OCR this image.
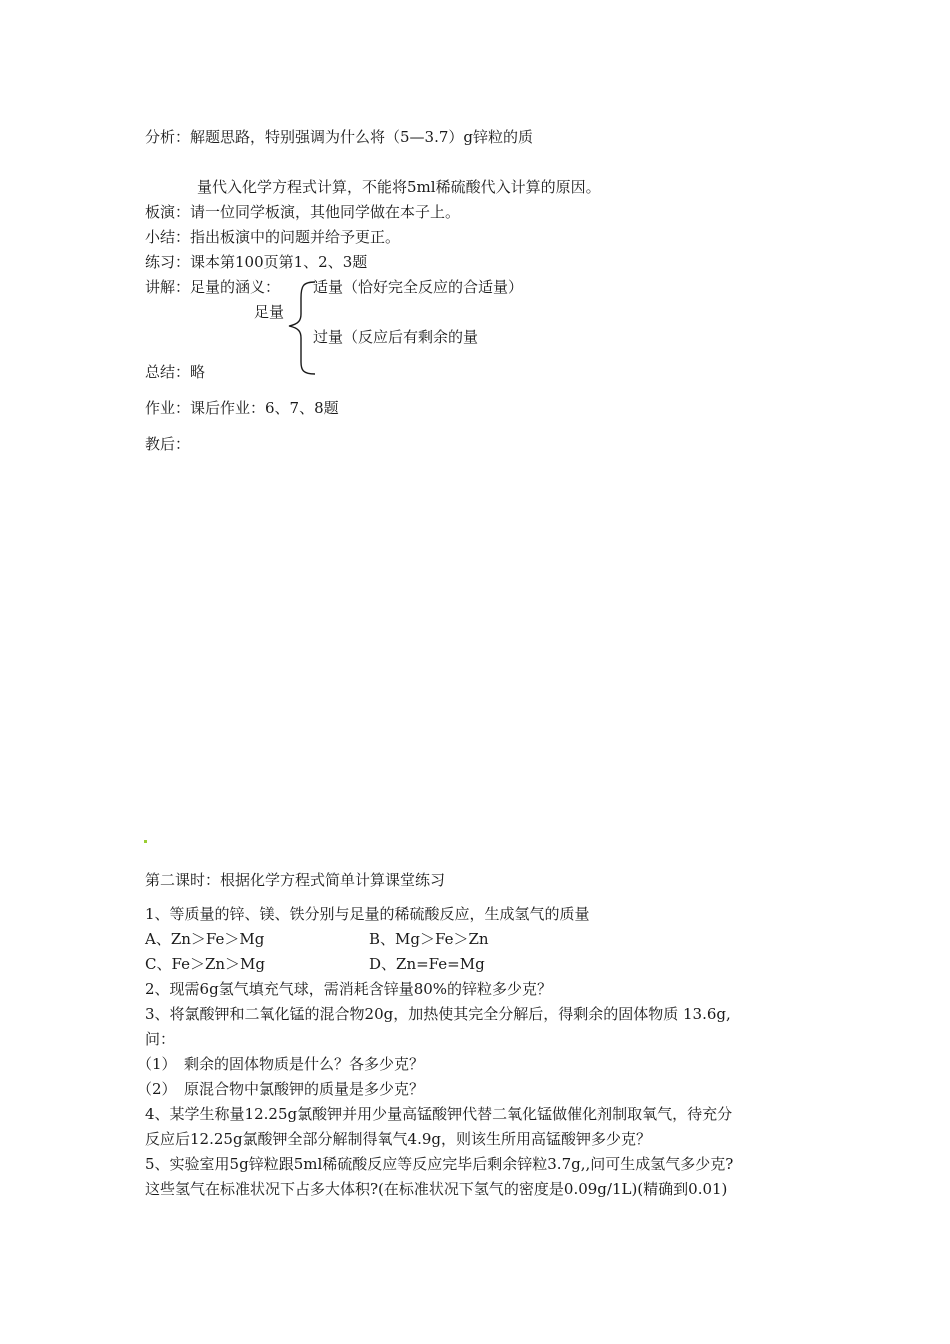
分析：解题思路，特别强调为什么将（5—3.7）g锌粒的质
量代入化学方程式计算，不能将5ml稀硫酸代入计算的原因。
板演：请一位同学板演，其他同学做在本子上。
小结：指出板演中的问题并给予更正。
练习：课本第100页第1、2、3题
讲解：足量的涵义： 适量（恰好完全反应的合适量）
足量
过量（反应后有剩余的量
总结：略
作业：课后作业：6、7、8题
教后：
第二课时：根据化学方程式简单计算课堂练习
1、等质量的锌、镁、铁分别与足量的稀硫酸反应，生成氢气的质量
A、Zn＞Fe＞Mg	B、Mg＞Fe＞Zn
C、Fe＞Zn＞Mg	D、Zn=Fe=Mg
2、现需6g氢气填充气球，需消耗含锌量80%的锌粒多少克？
3、将氯酸钾和二氧化锰的混合物20g，加热使其完全分解后，得剩余的固体物质 13.6g,
问：
（1）　剩余的固体物质是什么？各多少克？
（2）　原混合物中氯酸钾的质量是多少克？
4、某学生称量12.25g氯酸钾并用少量高锰酸钾代替二氧化锰做催化剂制取氧气，待充分
反应后12.25g氯酸钾全部分解制得氧气4.9g，则该生所用高锰酸钾多少克？
5、实验室用5g锌粒跟5ml稀硫酸反应等反应完毕后剩余锌粒3.7g,,问可生成氢气多少克?
这些氢气在标准状况下占多大体积?(在标准状况下氢气的密度是0.09g/1L)(精确到0.01)
